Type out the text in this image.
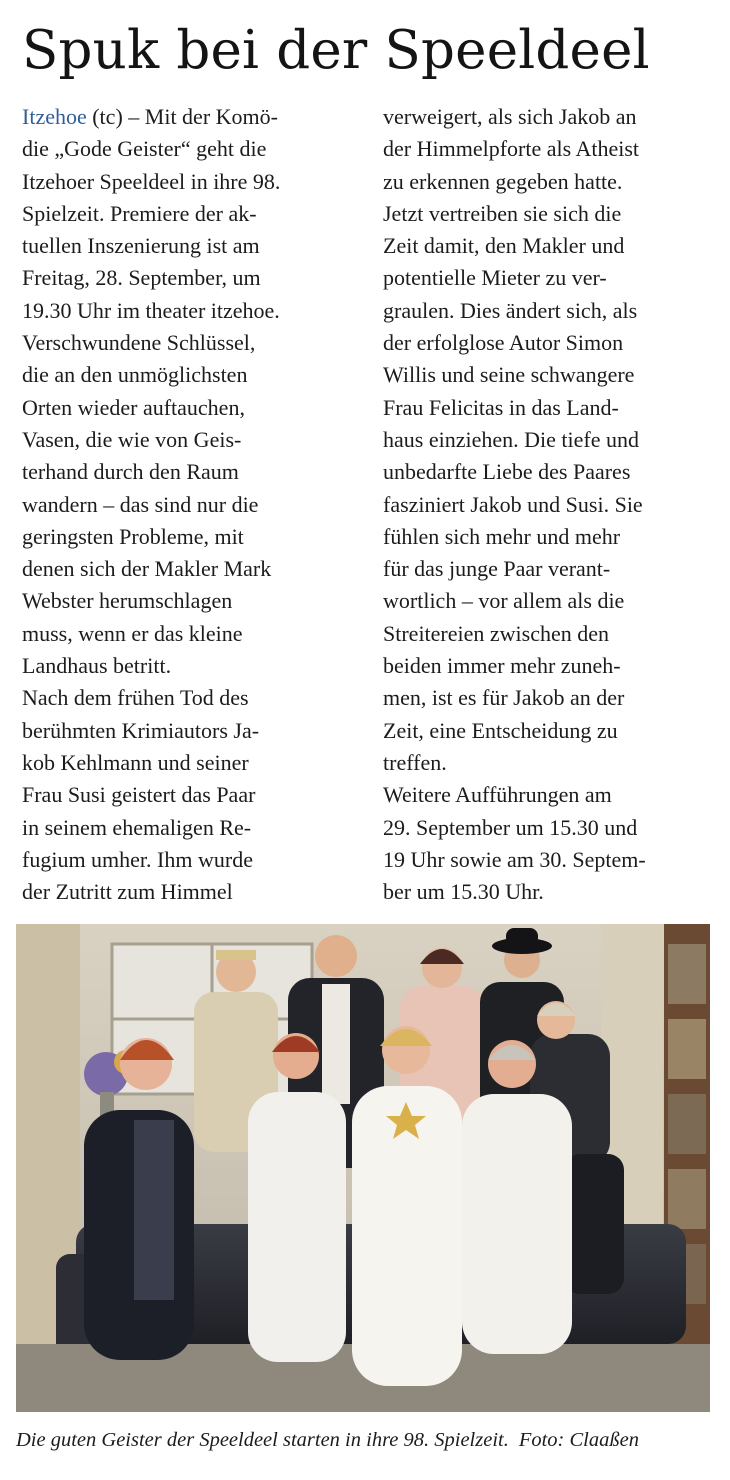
Spuk bei der Speeldeel
Itzehoe (tc) – Mit der Komö-
die „Gode Geister“ geht die
Itzehoer Speeldeel in ihre 98.
Spielzeit. Premiere der ak-
tuellen Inszenierung ist am
Freitag, 28. September, um
19.30 Uhr im theater itzehoe.
Verschwundene Schlüssel,
die an den unmöglichsten
Orten wieder auftauchen,
Vasen, die wie von Geis-
terhand durch den Raum
wandern – das sind nur die
geringsten Probleme, mit
denen sich der Makler Mark
Webster herumschlagen
muss, wenn er das kleine
Landhaus betritt.
Nach dem frühen Tod des
berühmten Krimiautors Ja-
kob Kehlmann und seiner
Frau Susi geistert das Paar
in seinem ehemaligen Re-
fugium umher. Ihm wurde
der Zutritt zum Himmel
verweigert, als sich Jakob an
der Himmelpforte als Atheist
zu erkennen gegeben hatte.
Jetzt vertreiben sie sich die
Zeit damit, den Makler und
potentielle Mieter zu ver-
graulen. Dies ändert sich, als
der erfolglose Autor Simon
Willis und seine schwangere
Frau Felicitas in das Land-
haus einziehen. Die tiefe und
unbedarfte Liebe des Paares
fasziniert Jakob und Susi. Sie
fühlen sich mehr und mehr
für das junge Paar verant-
wortlich – vor allem als die
Streitereien zwischen den
beiden immer mehr zuneh-
men, ist es für Jakob an der
Zeit, eine Entscheidung zu
treffen.
Weitere Aufführungen am
29. September um 15.30 und
19 Uhr sowie am 30. Septem-
ber um 15.30 Uhr.
Die guten Geister der Speeldeel starten in ihre 98. Spielzeit. Foto: Claaßen
